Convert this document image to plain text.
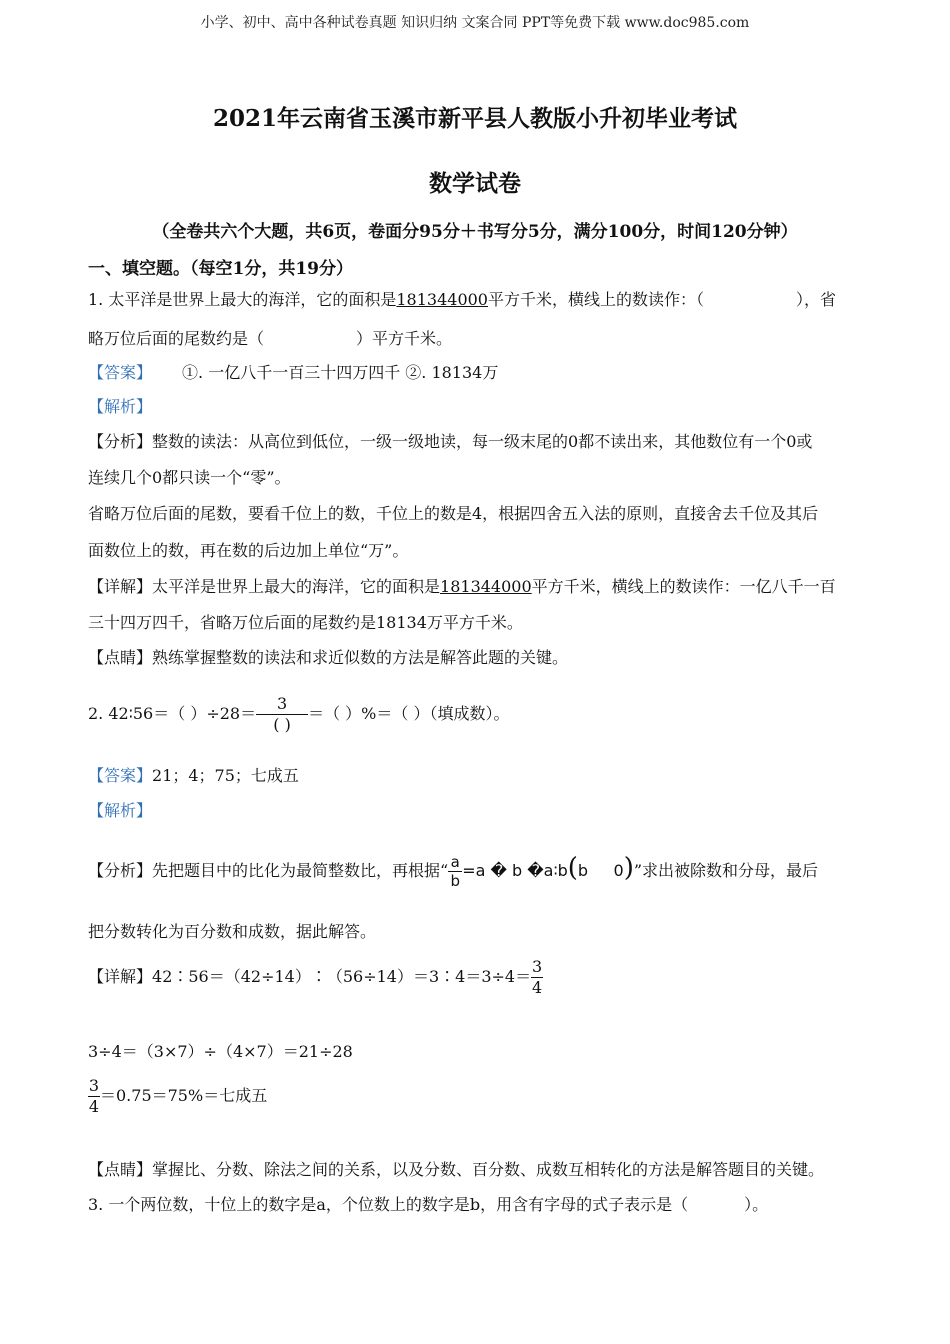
小学、初中、高中各种试卷真题 知识归纳 文案合同 PPT等免费下载 www.doc985.com
2021年云南省玉溪市新平县人教版小升初毕业考试
数学试卷
（全卷共六个大题，共6页，卷面分95分＋书写分5分，满分100分，时间120分钟）
一、填空题。（每空1分，共19分）
1. 太平洋是世界上最大的海洋，它的面积是181344000平方千米，横线上的数读作：（	），省
略万位后面的尾数约是（	）平方千米。
【答案】 ①. 一亿八千一百三十四万四千 ②. 18134万
【解析】
【分析】整数的读法：从高位到低位，一级一级地读，每一级末尾的0都不读出来，其他数位有一个0或
连续几个0都只读一个“零”。
省略万位后面的尾数，要看千位上的数，千位上的数是4，根据四舍五入法的原则，直接舍去千位及其后
面数位上的数，再在数的后边加上单位“万”。
【详解】太平洋是世界上最大的海洋，它的面积是181344000平方千米，横线上的数读作：一亿八千一百
三十四万四千，省略万位后面的尾数约是18134万平方千米。
【点睛】熟练掌握整数的读法和求近似数的方法是解答此题的关键。
2. 42∶56＝（ ）$\div 28= \frac{3}{( )}$ ＝（ ）%＝（ ）（填成数）。
【答案】21；4；75；七成五
【解析】
【分析】先把题目中的比化为最简整数比，再根据“ $\frac{a}{b} =a$ � b �a∶b(b     0)”求出被除数和分母，最后
把分数转化为百分数和成数，据此解答。
【详解】42∶56＝（42÷14）∶（56÷14）＝3∶4＝3÷4＝ $\frac{3}{4}$
3÷4＝（3×7）÷（4×7）＝21÷28
$\frac{3}{4} =0.75=75\%=$七成五
【点睛】掌握比、分数、除法之间的关系，以及分数、百分数、成数互相转化的方法是解答题目的关键。
3. 一个两位数，十位上的数字是a，个位数上的数字是b，用含有字母的式子表示是（	）。
